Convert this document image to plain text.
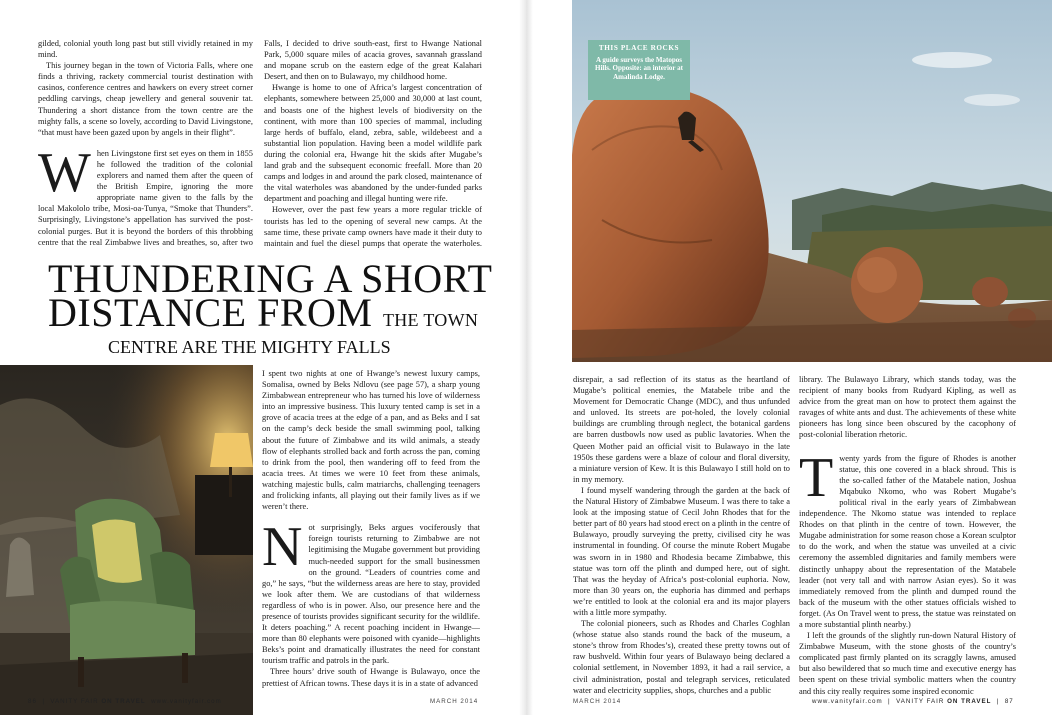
gilded, colonial youth long past but still vividly retained in my mind.

This journey began in the town of Victoria Falls, where one finds a thriving, rackety commercial tourist destination with casinos, conference centres and hawkers on every street corner peddling carvings, cheap jewellery and general souvenir tat. Thundering a short distance from the town centre are the mighty falls, a scene so lovely, according to David Livingstone, “that must have been gazed upon by angels in their flight”.

When Livingstone first set eyes on them in 1855 he followed the tradition of the colonial explorers and named them after the queen of the British Empire, ignoring the more appropriate name given to the falls by the local Makololo tribe, Mosi-oa-Tunya, “Smoke that Thunders”. Surprisingly, Livingstone’s appellation has survived the post-colonial purges. But it is beyond the borders of this throbbing centre that the real Zimbabwe lives and breathes, so, after two

Falls, I decided to drive south-east, first to Hwange National Park, 5,000 square miles of acacia groves, savannah grassland and mopane scrub on the eastern edge of the great Kalahari Desert, and then on to Bulawayo, my childhood home.

Hwange is home to one of Africa’s largest concentration of elephants, somewhere between 25,000 and 30,000 at last count, and boasts one of the highest levels of biodiversity on the continent, with more than 100 species of mammal, including large herds of buffalo, eland, zebra, sable, wildebeest and a substantial lion population. Having been a model wildlife park during the colonial era, Hwange hit the skids after Mugabe’s land grab and the subsequent economic freefall. More than 20 camps and lodges in and around the park closed, maintenance of the vital waterholes was abandoned by the under-funded parks department and poaching and illegal hunting were rife.

However, over the past few years a more regular trickle of tourists has led to the opening of several new camps. At the same time, these private camp owners have made it their duty to maintain and fuel the diesel pumps that operate the waterholes.

THUNDERING A SHORT
DISTANCE FROM THE TOWN
CENTRE ARE THE MIGHTY FALLS

I spent two nights at one of Hwange’s newest luxury camps, Somalisa, owned by Beks Ndlovu (see page 57), a sharp young Zimbabwean entrepreneur who has turned his love of wilderness into an impressive business. This luxury tented camp is set in a grove of acacia trees at the edge of a pan, and as Beks and I sat on the camp’s deck beside the small swimming pool, talking about the future of Zimbabwe and its wild animals, a steady flow of elephants strolled back and forth across the pan, coming to drink from the pool, then wandering off to feed from the acacia trees. At times we were 10 feet from these animals, watching majestic bulls, calm matriarchs, challenging teenagers and frolicking infants, all playing out their family lives as if we weren’t there.

Not surprisingly, Beks argues vociferously that foreign tourists returning to Zimbabwe are not legitimising the Mugabe government but providing much-needed support for the small businessmen on the ground. “Leaders of countries come and go,” he says, “but the wilderness areas are here to stay, provided we look after them. We are custodians of that wilderness regardless of who is in power. Also, our presence here and the presence of tourists provides significant security for the wildlife. It deters poaching.” A recent poaching incident in Hwange—more than 80 elephants were poisoned with cyanide—highlights Beks’s point and dramatically illustrates the need for constant tourism traffic and patrols in the park.

Three hours’ drive south of Hwange is Bulawayo, once the prettiest of African towns. These days it is in a state of advanced

86  |  VANITY FAIR ON TRAVEL www.vanityfair.com	MARCH 2014
THIS PLACE ROCKS
A guide surveys the Matopos Hills. Opposite: an interior at Amalinda Lodge.

disrepair, a sad reflection of its status as the heartland of Mugabe’s political enemies, the Matabele tribe and the Movement for Democratic Change (MDC), and thus unfunded and unloved. Its streets are pot-holed, the lovely colonial buildings are crumbling through neglect, the botanical gardens are barren dustbowls now used as public lavatories. When the Queen Mother paid an official visit to Bulawayo in the late 1950s these gardens were a blaze of colour and floral diversity, a miniature version of Kew. It is this Bulawayo I still hold on to in my memory.

I found myself wandering through the garden at the back of the Natural History of Zimbabwe Museum. I was there to take a look at the imposing statue of Cecil John Rhodes that for the better part of 80 years had stood erect on a plinth in the centre of Bulawayo, proudly surveying the pretty, civilised city he was instrumental in founding. Of course the minute Robert Mugabe was sworn in in 1980 and Rhodesia became Zimbabwe, this statue was torn off the plinth and dumped here, out of sight. That was the heyday of Africa’s post-colonial euphoria. Now, more than 30 years on, the euphoria has dimmed and perhaps we’re entitled to look at the colonial era and its major players with a little more sympathy.

The colonial pioneers, such as Rhodes and Charles Coghlan (whose statue also stands round the back of the museum, a stone’s throw from Rhodes’s), created these pretty towns out of raw bushveld. Within four years of Bulawayo being declared a colonial settlement, in November 1893, it had a rail service, a civil administration, postal and telegraph services, reticulated water and electricity supplies, shops, churches and a public

library. The Bulawayo Library, which stands today, was the recipient of many books from Rudyard Kipling, as well as advice from the great man on how to protect them against the ravages of white ants and dust. The achievements of these white pioneers has long since been obscured by the cacophony of post-colonial liberation rhetoric.

Twenty yards from the figure of Rhodes is another statue, this one covered in a black shroud. This is the so-called father of the Matabele nation, Joshua Mqabuko Nkomo, who was Robert Mugabe’s political rival in the early years of Zimbabwean independence. The Nkomo statue was intended to replace Rhodes on that plinth in the centre of town. However, the Mugabe administration for some reason chose a Korean sculptor to do the work, and when the statue was unveiled at a civic ceremony the assembled dignitaries and family members were distinctly unhappy about the representation of the Matabele leader (not very tall and with narrow Asian eyes). So it was immediately removed from the plinth and dumped round the back of the museum with the other statues officials wished to forget. (As On Travel went to press, the statue was reinstated on a more substantial plinth nearby.)

I left the grounds of the slightly run-down Natural History of Zimbabwe Museum, with the stone ghosts of the country’s complicated past firmly planted on its scraggly lawns, amused but also bewildered that so much time and executive energy has been spent on these trivial symbolic matters when the country and this city really requires some inspired economic

MARCH 2014	www.vanityfair.com  |  VANITY FAIR ON TRAVEL  |  87
